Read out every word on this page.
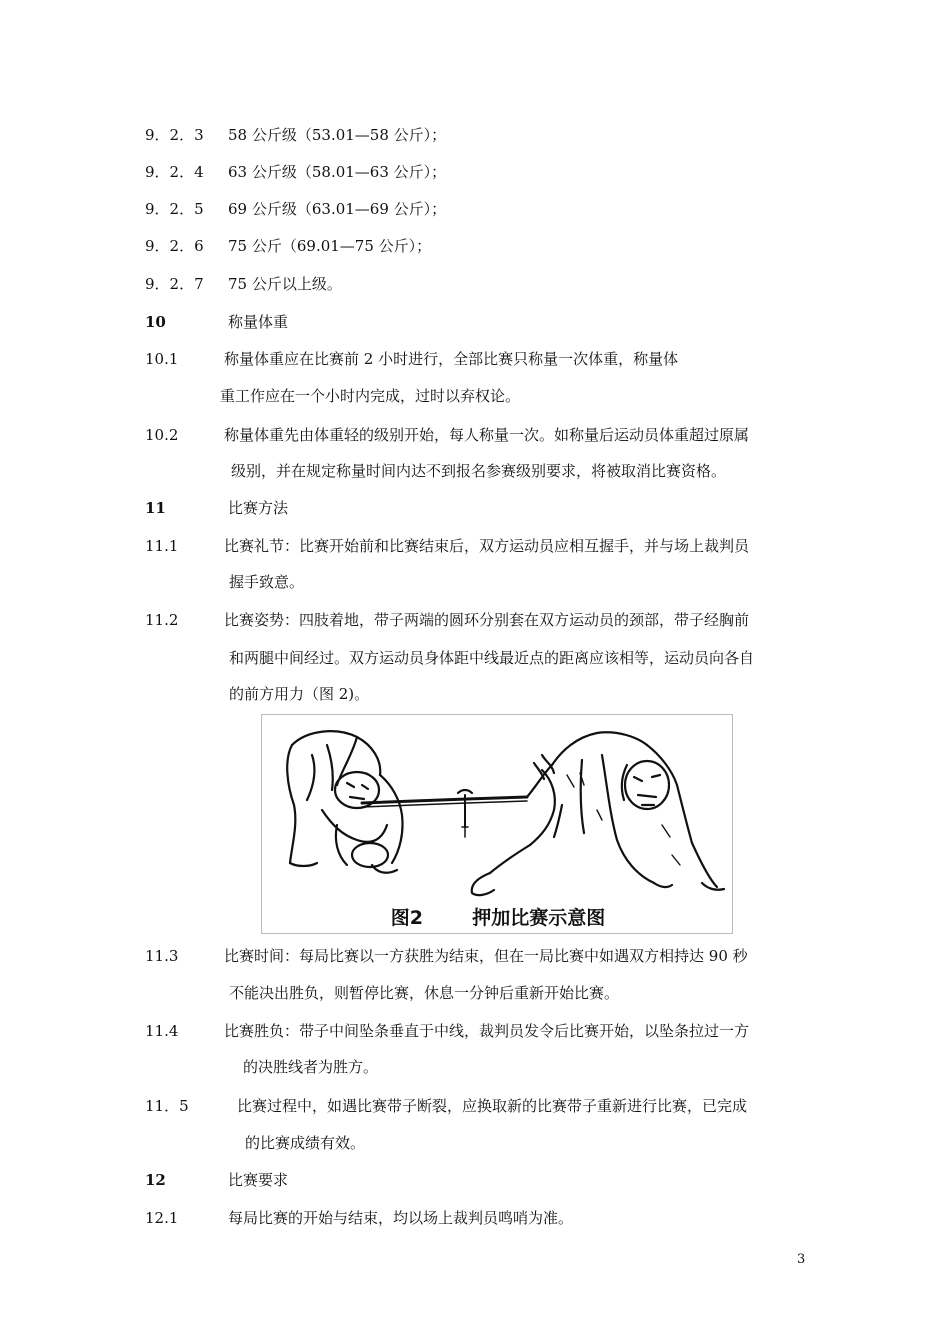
9．2．3 58 公斤级（53.01—58 公斤）；
9．2．4 63 公斤级（58.01—63 公斤）；
9．2．5 69 公斤级（63.01—69 公斤）；
9．2．6 75 公斤（69.01—75 公斤）；
9．2．7 75 公斤以上级。
10	称量体重
10.1	称量体重应在比赛前 2 小时进行，全部比赛只称量一次体重，称量体
重工作应在一个小时内完成，过时以弃权论。
10.2	称量体重先由体重轻的级别开始，每人称量一次。如称量后运动员体重超过原属
级别，并在规定称量时间内达不到报名参赛级别要求，将被取消比赛资格。
11	比赛方法
11.1	比赛礼节：比赛开始前和比赛结束后，双方运动员应相互握手，并与场上裁判员
握手致意。
11.2	比赛姿势：四肢着地，带子两端的圆环分别套在双方运动员的颈部，带子经胸前
和两腿中间经过。双方运动员身体距中线最近点的距离应该相等，运动员向各自
的前方用力（图 2)。
图2	押加比赛示意图
11.3	比赛时间：每局比赛以一方获胜为结束，但在一局比赛中如遇双方相持达 90 秒
不能决出胜负，则暂停比赛，休息一分钟后重新开始比赛。
11.4	比赛胜负：带子中间坠条垂直于中线，裁判员发令后比赛开始，以坠条拉过一方
的决胜线者为胜方。
11．5	比赛过程中，如遇比赛带子断裂，应换取新的比赛带子重新进行比赛，已完成
的比赛成绩有效。
12	比赛要求
12.1	每局比赛的开始与结束，均以场上裁判员鸣哨为准。
3
